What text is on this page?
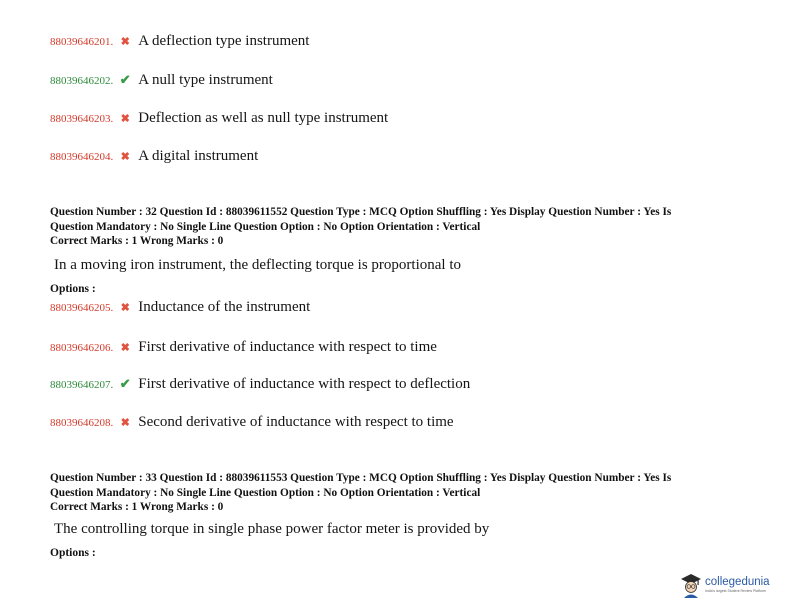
88039646201. ✖ A deflection type instrument
88039646202. ✔ A null type instrument
88039646203. ✖ Deflection as well as null type instrument
88039646204. ✖ A digital instrument
Question Number : 32 Question Id : 88039611552 Question Type : MCQ Option Shuffling : Yes Display Question Number : Yes Is
Question Mandatory : No Single Line Question Option : No Option Orientation : Vertical
Correct Marks : 1 Wrong Marks : 0
In a moving iron instrument, the deflecting torque is proportional to
Options :
88039646205. ✖ Inductance of the instrument
88039646206. ✖ First derivative of inductance with respect to time
88039646207. ✔ First derivative of inductance with respect to deflection
88039646208. ✖ Second derivative of inductance with respect to time
Question Number : 33 Question Id : 88039611553 Question Type : MCQ Option Shuffling : Yes Display Question Number : Yes Is
Question Mandatory : No Single Line Question Option : No Option Orientation : Vertical
Correct Marks : 1 Wrong Marks : 0
The controlling torque in single phase power factor meter is provided by
Options :
collegedunia
India's largest Student Review Platform
